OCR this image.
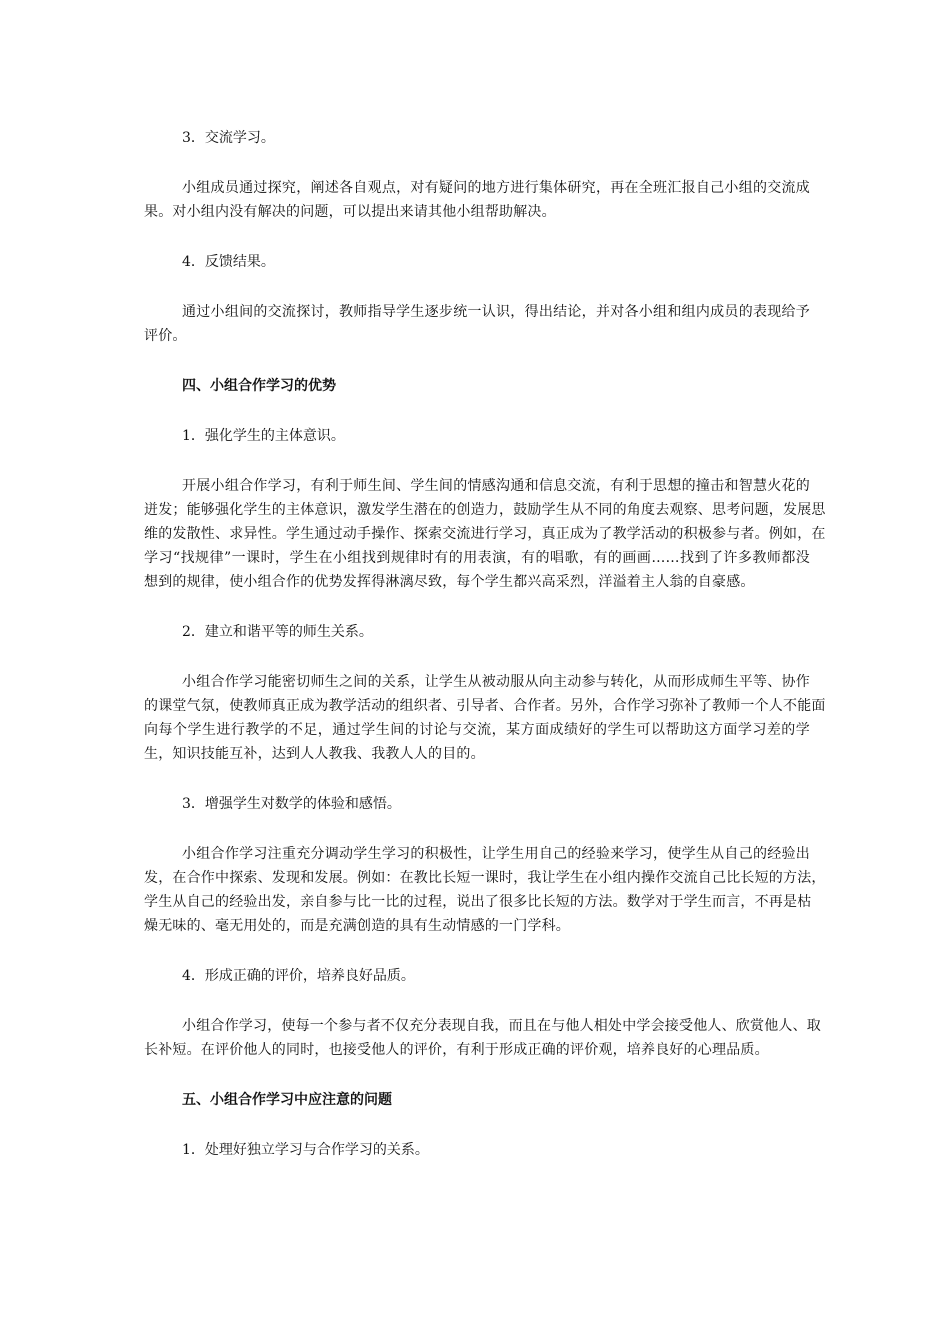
3．交流学习。

小组成员通过探究，阐述各自观点，对有疑问的地方进行集体研究，再在全班汇报自己小组的交流成
果。对小组内没有解决的问题，可以提出来请其他小组帮助解决。

4．反馈结果。

通过小组间的交流探讨，教师指导学生逐步统一认识，得出结论，并对各小组和组内成员的表现给予
评价。

四、小组合作学习的优势

1．强化学生的主体意识。

开展小组合作学习，有利于师生间、学生间的情感沟通和信息交流，有利于思想的撞击和智慧火花的
迸发；能够强化学生的主体意识，激发学生潜在的创造力，鼓励学生从不同的角度去观察、思考问题，发展思
维的发散性、求异性。学生通过动手操作、探索交流进行学习，真正成为了教学活动的积极参与者。例如，在
学习“找规律”一课时，学生在小组找到规律时有的用表演，有的唱歌，有的画画……找到了许多教师都没
想到的规律，使小组合作的优势发挥得淋漓尽致，每个学生都兴高采烈，洋溢着主人翁的自豪感。

2．建立和谐平等的师生关系。

小组合作学习能密切师生之间的关系，让学生从被动服从向主动参与转化，从而形成师生平等、协作
的课堂气氛，使教师真正成为教学活动的组织者、引导者、合作者。另外，合作学习弥补了教师一个人不能面
向每个学生进行教学的不足，通过学生间的讨论与交流，某方面成绩好的学生可以帮助这方面学习差的学
生，知识技能互补，达到人人教我、我教人人的目的。

3．增强学生对数学的体验和感悟。

小组合作学习注重充分调动学生学习的积极性，让学生用自己的经验来学习，使学生从自己的经验出
发，在合作中探索、发现和发展。例如：在教比长短一课时，我让学生在小组内操作交流自己比长短的方法，
学生从自己的经验出发，亲自参与比一比的过程，说出了很多比长短的方法。数学对于学生而言，不再是枯
燥无味的、毫无用处的，而是充满创造的具有生动情感的一门学科。

4．形成正确的评价，培养良好品质。

小组合作学习，使每一个参与者不仅充分表现自我，而且在与他人相处中学会接受他人、欣赏他人、取
长补短。在评价他人的同时，也接受他人的评价，有利于形成正确的评价观，培养良好的心理品质。

五、小组合作学习中应注意的问题

1．处理好独立学习与合作学习的关系。
